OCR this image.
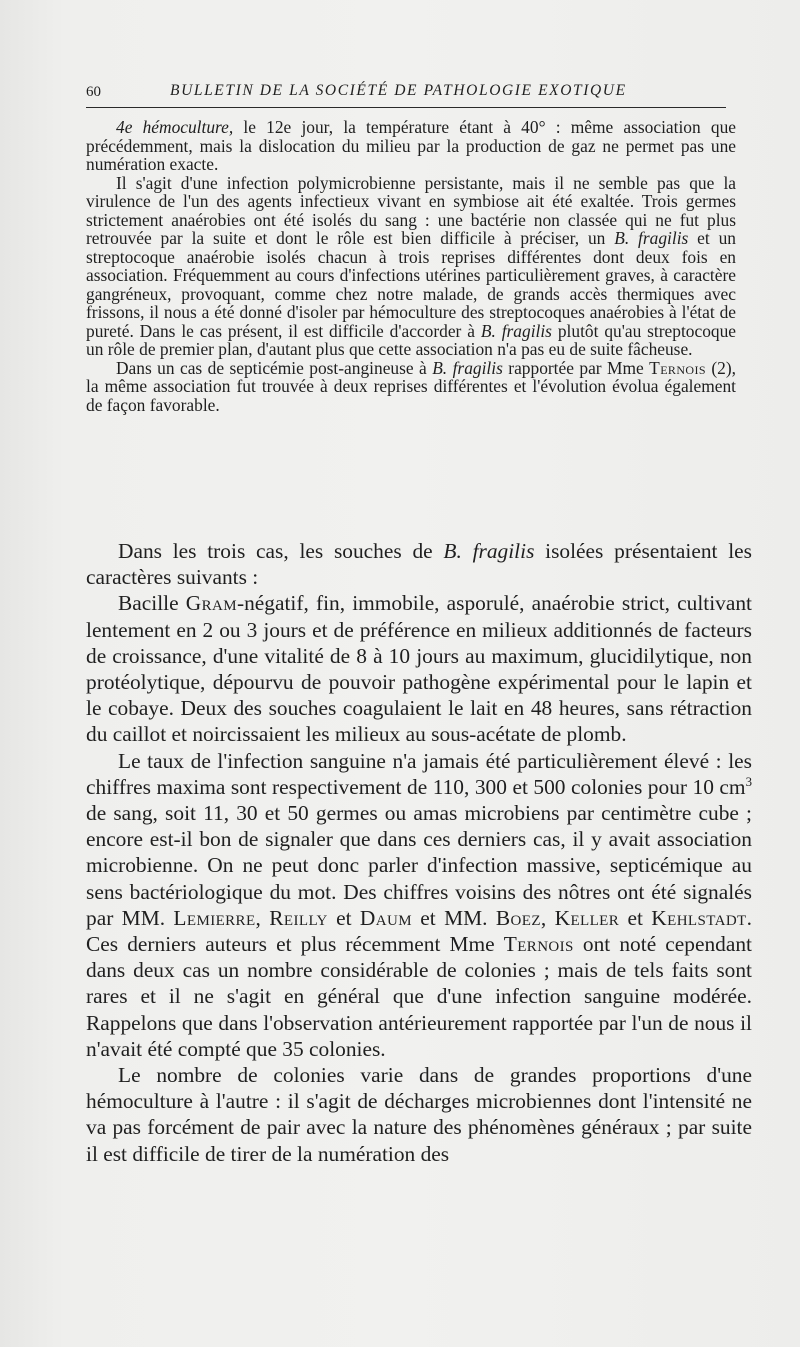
60	BULLETIN DE LA SOCIÉTÉ DE PATHOLOGIE EXOTIQUE

4e hémoculture, le 12e jour, la température étant à 40° : même association que précédemment, mais la dislocation du milieu par la production de gaz ne permet pas une numération exacte.

Il s'agit d'une infection polymicrobienne persistante, mais il ne semble pas que la virulence de l'un des agents infectieux vivant en symbiose ait été exaltée. Trois germes strictement anaérobies ont été isolés du sang : une bactérie non classée qui ne fut plus retrouvée par la suite et dont le rôle est bien difficile à préciser, un B. fragilis et un streptocoque anaérobie isolés chacun à trois reprises différentes dont deux fois en association. Fréquemment au cours d'infections utérines particulièrement graves, à caractère gangréneux, provoquant, comme chez notre malade, de grands accès thermiques avec frissons, il nous a été donné d'isoler par hémoculture des streptocoques anaérobies à l'état de pureté. Dans le cas présent, il est difficile d'accorder à B. fragilis plutôt qu'au streptocoque un rôle de premier plan, d'autant plus que cette association n'a pas eu de suite fâcheuse.

Dans un cas de septicémie post-angineuse à B. fragilis rapportée par Mme Ternois (2), la même association fut trouvée à deux reprises différentes et l'évolution évolua également de façon favorable.

Dans les trois cas, les souches de B. fragilis isolées présentaient les caractères suivants :

Bacille Gram-négatif, fin, immobile, asporulé, anaérobie strict, cultivant lentement en 2 ou 3 jours et de préférence en milieux additionnés de facteurs de croissance, d'une vitalité de 8 à 10 jours au maximum, glucidilytique, non protéolytique, dépourvu de pouvoir pathogène expérimental pour le lapin et le cobaye. Deux des souches coagulaient le lait en 48 heures, sans rétraction du caillot et noircissaient les milieux au sous-acétate de plomb.

Le taux de l'infection sanguine n'a jamais été particulièrement élevé : les chiffres maxima sont respectivement de 110, 300 et 500 colonies pour 10 $cm^3$ de sang, soit 11, 30 et 50 germes ou amas microbiens par centimètre cube ; encore est-il bon de signaler que dans ces derniers cas, il y avait association microbienne. On ne peut donc parler d'infection massive, septicémique au sens bactériologique du mot. Des chiffres voisins des nôtres ont été signalés par MM. Lemierre, Reilly et Daum et MM. Boez, Keller et Kehlstadt. Ces derniers auteurs et plus récemment Mme Ternois ont noté cependant dans deux cas un nombre considérable de colonies ; mais de tels faits sont rares et il ne s'agit en général que d'une infection sanguine modérée. Rappelons que dans l'observation antérieurement rapportée par l'un de nous il n'avait été compté que 35 colonies.

Le nombre de colonies varie dans de grandes proportions d'une hémoculture à l'autre : il s'agit de décharges microbiennes dont l'intensité ne va pas forcément de pair avec la nature des phénomènes généraux ; par suite il est difficile de tirer de la numération des
